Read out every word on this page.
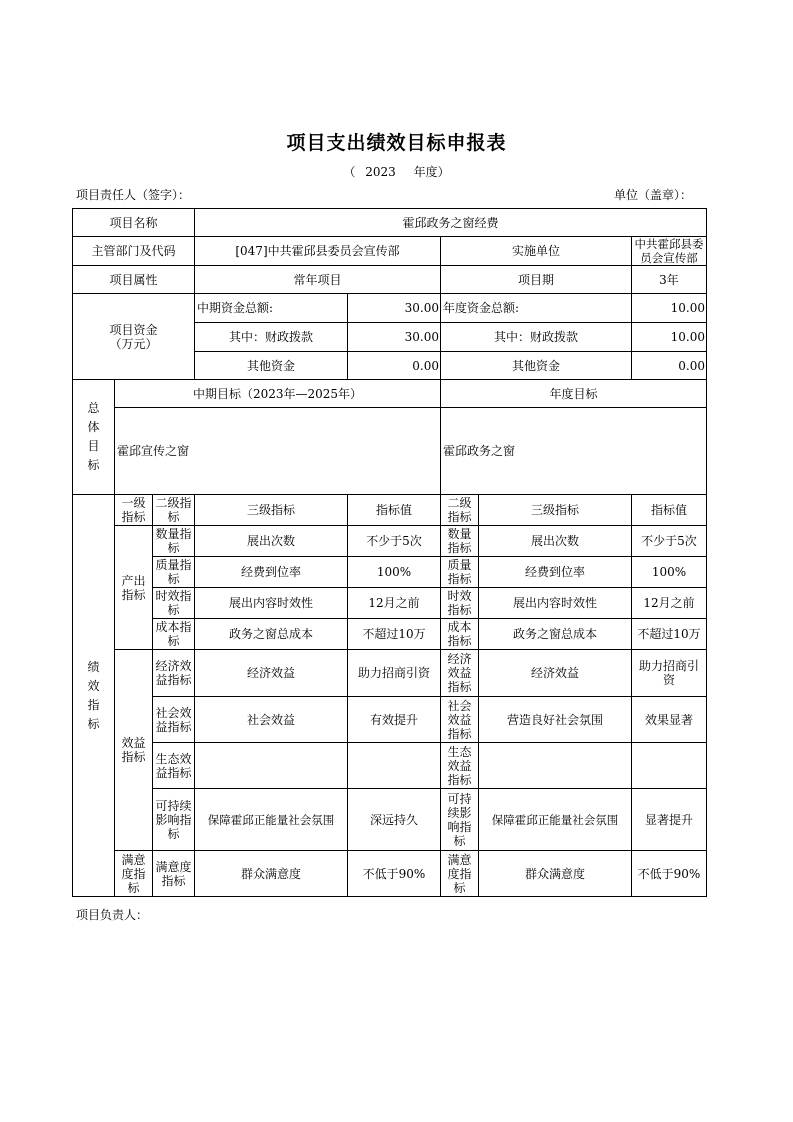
项目支出绩效目标申报表
（ 2023 年度）
项目责任人（签字）：	单位（盖章）：

项目名称			霍邱政务之窗经费				
主管部门及代码			[047]中共霍邱县委员会宣传部		实施单位		中共霍邱县委员会宣传部
项目属性			常年项目		项目期		3年
项目资金（万元）			中期资金总额:	30.00	年度资金总额:		10.00
			其中：财政拨款	30.00	其中：财政拨款		10.00
			其他资金	0.00	其他资金		0.00
总体目标	中期目标（2023年—2025年）				年度目标		
	霍邱宣传之窗				霍邱政务之窗		
绩效指标	一级指标	二级指标	三级指标	指标值	二级指标	三级指标	指标值
	产出指标	数量指标	展出次数	不少于5次	数量指标	展出次数	不少于5次
		质量指标	经费到位率	100%	质量指标	经费到位率	100%
		时效指标	展出内容时效性	12月之前	时效指标	展出内容时效性	12月之前
		成本指标	政务之窗总成本	不超过10万	成本指标	政务之窗总成本	不超过10万
	效益指标	经济效益指标	经济效益	助力招商引资	经济效益指标	经济效益	助力招商引资
		社会效益指标	社会效益	有效提升	社会效益指标	营造良好社会氛围	效果显著
		生态效益指标			生态效益指标		
		可持续影响指标	保障霍邱正能量社会氛围	深远持久	可持续影响指标	保障霍邱正能量社会氛围	显著提升
	满意度指标	满意度指标	群众满意度	不低于90%	满意度指标	群众满意度	不低于90%
项目负责人：
